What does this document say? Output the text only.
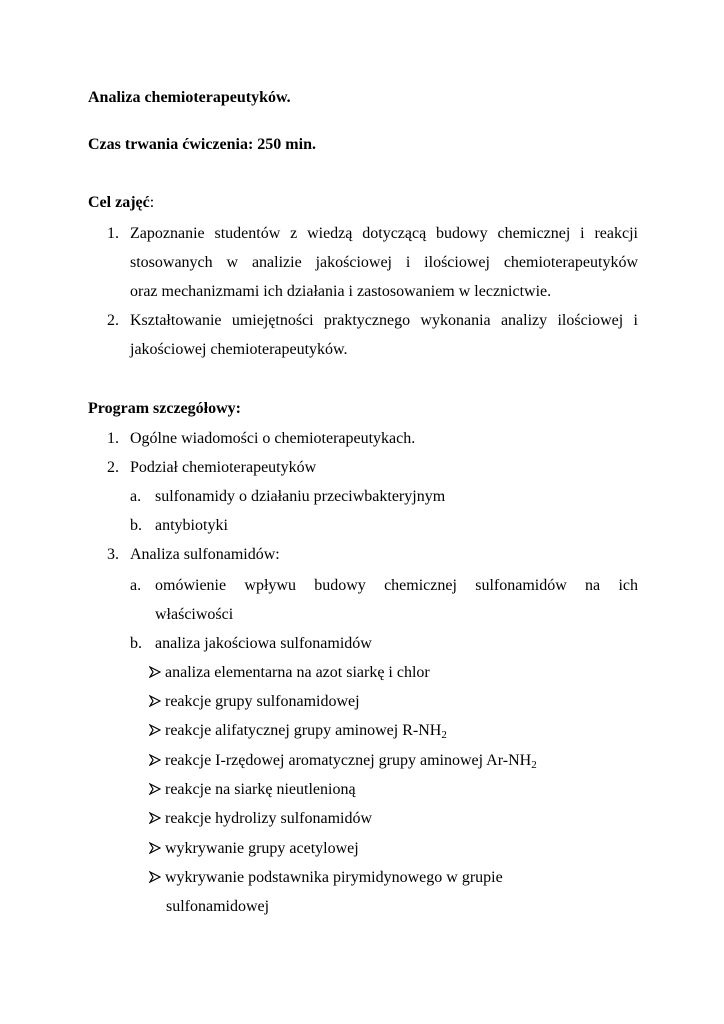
Analiza chemioterapeutyków.
Czas trwania ćwiczenia: 250 min.
Cel zajęć:
1. Zapoznanie studentów z wiedzą dotyczącą budowy chemicznej i reakcji
stosowanych w analizie jakościowej i ilościowej chemioterapeutyków
oraz mechanizmami ich działania i zastosowaniem w lecznictwie.
2. Kształtowanie umiejętności praktycznego wykonania analizy ilościowej i
jakościowej chemioterapeutyków.
Program szczegółowy:
1. Ogólne wiadomości o chemioterapeutykach.
2. Podział chemioterapeutyków
a. sulfonamidy o działaniu przeciwbakteryjnym
b. antybiotyki
3. Analiza sulfonamidów:
a. omówienie wpływu budowy chemicznej sulfonamidów na ich
właściwości
b. analiza jakościowa sulfonamidów
analiza elementarna na azot siarkę i chlor
reakcje grupy sulfonamidowej
reakcje alifatycznej grupy aminowej $R-NH_2$
reakcje I-rzędowej aromatycznej grupy aminowej $Ar-NH_2$
reakcje na siarkę nieutlenioną
reakcje hydrolizy sulfonamidów
wykrywanie grupy acetylowej
wykrywanie podstawnika pirymidynowego w grupie
sulfonamidowej
